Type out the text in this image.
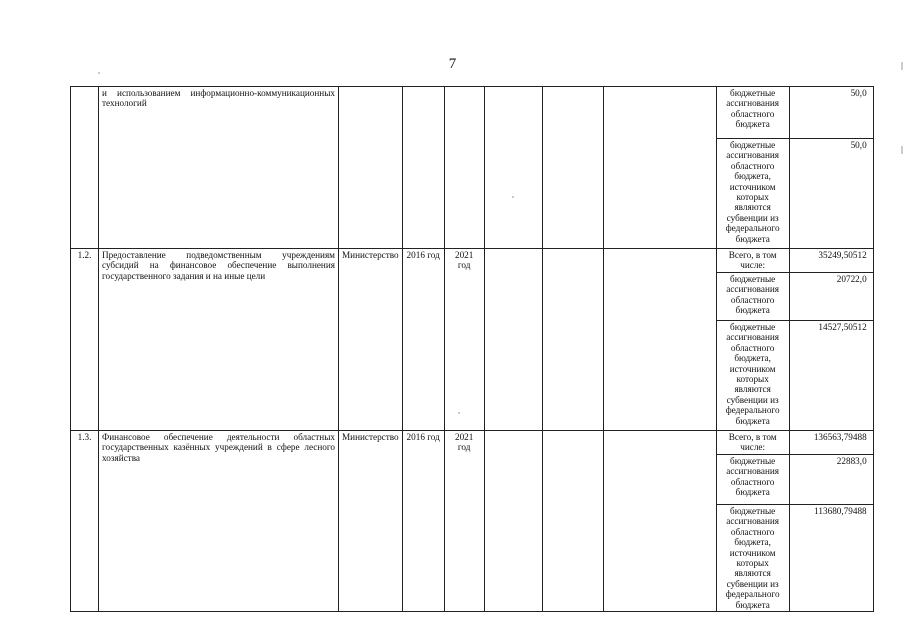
7
	и использованием информационно-коммуникационных технологий							бюджетные ассигнования областного бюджета	50,0
								бюджетные ассигнования областного бюджета, источником которых являются субвенции из федерального бюджета	50,0
1.2.	Предоставление подведомственным учреждениям субсидий на финансовое обеспечение выполнения государственного задания и на иные цели	Министерство	2016 год	2021 год				Всего, в том числе:	35249,50512
								бюджетные ассигнования областного бюджета	20722,0
								бюджетные ассигнования областного бюджета, источником которых являются субвенции из федерального бюджета	14527,50512
1.3.	Финансовое обеспечение деятельности областных государственных казённых учреждений в сфере лесного хозяйства	Министерство	2016 год	2021 год				Всего, в том числе:	136563,79488
								бюджетные ассигнования областного бюджета	22883,0
								бюджетные ассигнования областного бюджета, источником которых являются субвенции из федерального бюджета	113680,79488
